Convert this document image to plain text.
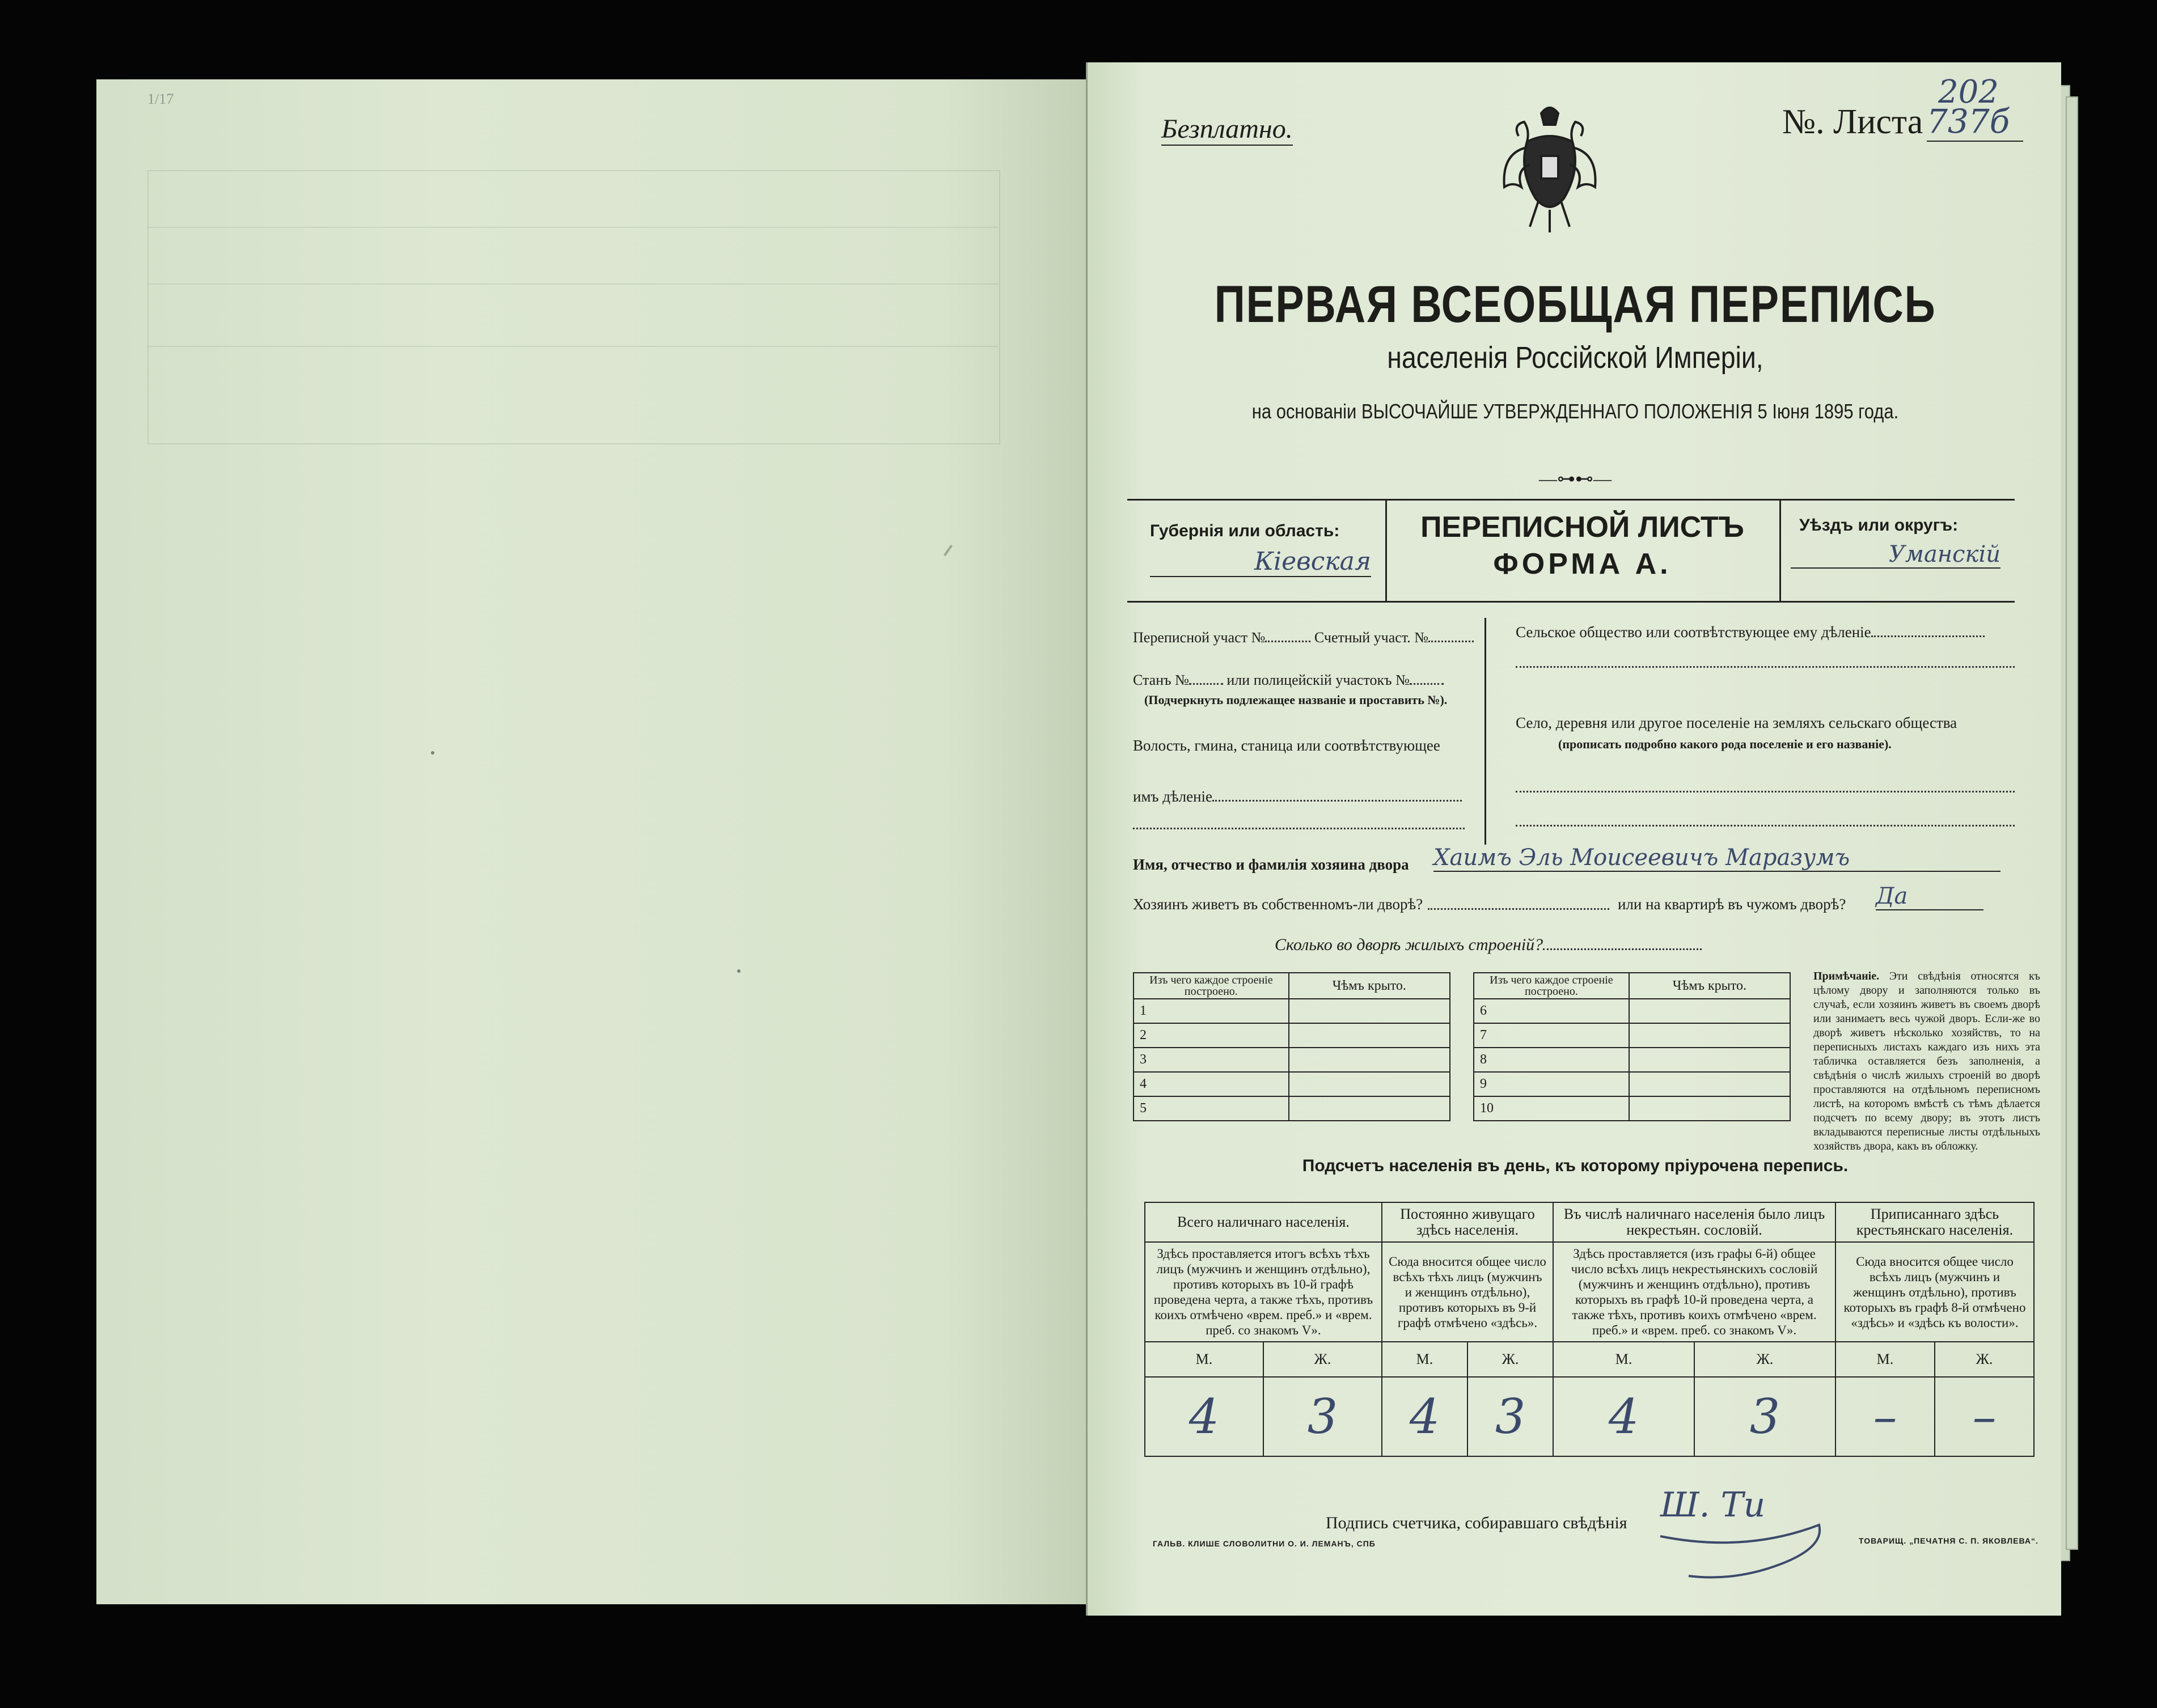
1/17
Безплатно.	№. Листа 737б
202
ПЕРВАЯ ВСЕОБЩАЯ ПЕРЕПИСЬ
населенія Россійской Имперіи,
на основаніи ВЫСОЧАЙШЕ УТВЕРЖДЕННАГО ПОЛОЖЕНІЯ 5 Іюня 1895 года.
—⊶⊷—
Губернія или область:
Кіевская
ПЕРЕПИСНОЙ ЛИСТЪ
ФОРМА А.
Уѣздъ или округъ:
Уманскій
Переписной участ №	Счетный участ. №
Станъ №	или полицейскій участокъ №
(Подчеркнуть подлежащее названіе и проставить №).
Волость, гмина, станица или соотвѣтствующее
имъ дѣленіе
Сельское общество или соотвѣтствующее ему дѣленіе
Село, деревня или другое поселеніе на земляхъ сельскаго общества
(прописать подробно какого рода поселеніе и его названіе).
Имя, отчество и фамилія хозяина двора Хаимъ Эль Моисеевичъ Маразумъ
Хозяинъ живетъ въ собственномъ-ли дворѣ?	или на квартирѣ въ чужомъ дворѣ? Да
Сколько во дворѣ жилыхъ строеній?
Изъ чего каждое строеніе построено.	Чѣмъ крыто.		Изъ чего каждое строеніе построено.	Чѣмъ крыто.
1			6	
2			7	
3			8	
4			9	
5			10	
Примѣчаніе. Эти свѣдѣнія относятся къ цѣлому двору и заполняются только въ случаѣ, если хозяинъ живетъ въ своемъ дворѣ или занимаетъ весь чужой дворъ. Если-же во дворѣ живетъ нѣсколько хозяйствъ, то на переписныхъ листахъ каждаго изъ нихъ эта табличка оставляется безъ заполненія, а свѣдѣнія о числѣ жилыхъ строеній во дворѣ проставляются на отдѣльномъ переписномъ листѣ, на которомъ вмѣстѣ съ тѣмъ дѣлается подсчетъ по всему двору; въ этотъ листъ вкладываются переписные листы отдѣльныхъ хозяйствъ двора, какъ въ обложку.
Подсчетъ населенія въ день, къ которому пріурочена перепись.
Всего наличнаго населенія.		Постоянно живущаго здѣсь населенія.		Въ числѣ наличнаго населенія было лицъ некрестьян. сословій.		Приписаннаго здѣсь крестьянскаго населенія.	
Здѣсь проставляется итогъ всѣхъ тѣхъ лицъ (мужчинъ и женщинъ отдѣльно), противъ которыхъ въ 10-й графѣ проведена черта, а также тѣхъ, противъ коихъ отмѣчено «врем. преб.» и «врем. преб. со знакомъ V».		Сюда вносится общее число всѣхъ тѣхъ лицъ (мужчинъ и женщинъ отдѣльно), противъ которыхъ въ 9-й графѣ отмѣчено «здѣсь».		Здѣсь проставляется (изъ графы 6-й) общее число всѣхъ лицъ некрестьянскихъ сословій (мужчинъ и женщинъ отдѣльно), противъ которыхъ въ графѣ 10-й проведена черта, а также тѣхъ, противъ коихъ отмѣчено «врем. преб.» и «врем. преб. со знакомъ V».		Сюда вносится общее число всѣхъ лицъ (мужчинъ и женщинъ отдѣльно), противъ которыхъ въ графѣ 8-й отмѣчено «здѣсь» и «здѣсь къ волости».	
М.	Ж.	М.	Ж.	М.	Ж.	М.	Ж.
4	3	4	3	4	3	–	–
Подпись счетчика, собиравшаго свѣдѣнія Ш. Ти
ГАЛЬВ. КЛИШЕ СЛОВОЛИТНИ О. И. ЛЕМАНЪ, СПБ	ТОВАРИЩ. „ПЕЧАТНЯ С. П. ЯКОВЛЕВА“.
